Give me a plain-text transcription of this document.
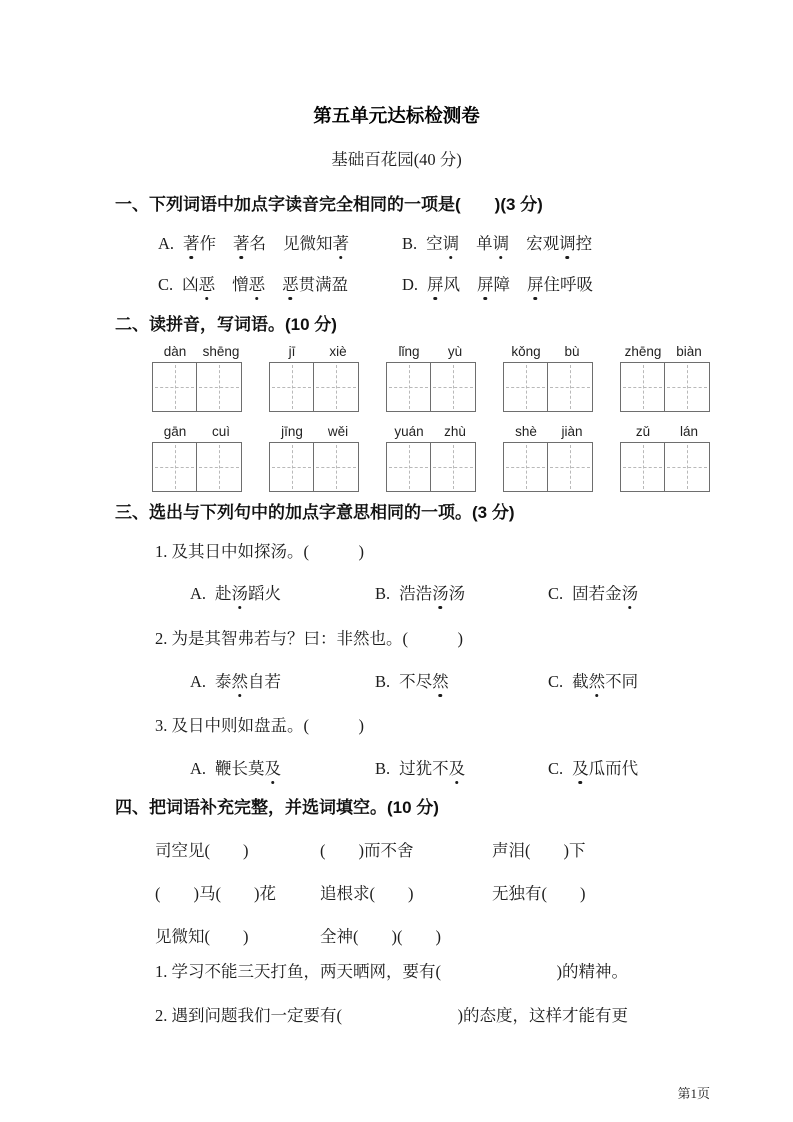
第五单元达标检测卷
基础百花园(40 分)
一、下列词语中加点字读音完全相同的一项是(　　)(3 分)
A. 著作 著名 见微知著	B. 空调 单调 宏观调控
C. 凶恶 憎恶 恶贯满盈	D. 屏风 屏障 屏住呼吸
二、读拼音，写词语。(10 分)
dàn	shēng	jī	xiè	lǐng	yù	kǒng	bù	zhēng	biàn
gān	cuì	jīng	wěi	yuán	zhù	shè	jiàn	zǔ	lán
三、选出与下列句中的加点字意思相同的一项。(3 分)
1. 及其日中如探汤。(　　　)
A. 赴汤蹈火	B. 浩浩汤汤	C. 固若金汤
2. 为是其智弗若与？曰：非然也。(　　　)
A. 泰然自若	B. 不尽然	C. 截然不同
3. 及日中则如盘盂。(　　　)
A. 鞭长莫及	B. 过犹不及	C. 及瓜而代
四、把词语补充完整，并选词填空。(10 分)
司空见(　　)	(　　)而不舍	声泪(　　)下
(　　)马(　　)花	追根求(　　)	无独有(　　)
见微知(　　)	全神(　　)(　　)
1. 学习不能三天打鱼，两天晒网，要有(　　　　　　　)的精神。
2. 遇到问题我们一定要有(　　　　　　　)的态度，这样才能有更
第1页
